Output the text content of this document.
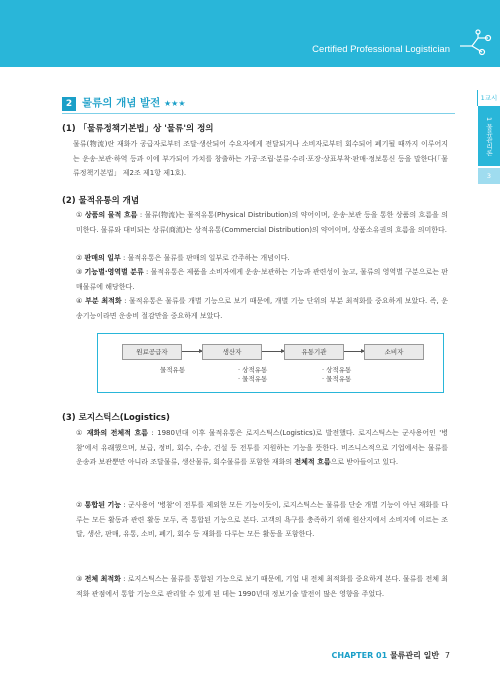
Certified Professional Logistician
1교시
1 물류관리론
3
2 물류의 개념 발전 ★★★
(1) 「물류정책기본법」상 '물류'의 정의
물류(物流)란 재화가 공급자로부터 조달·생산되어 수요자에게 전달되거나 소비자로부터 회수되어 폐기될 때까지 이루어지는 운송·보관·하역 등과 이에 부가되어 가치를 창출하는 가공·조립·분류·수리·포장·상표부착·판매·정보통신 등을 말한다(「물류정책기본법」 제2조 제1항 제1호).
(2) 물적유통의 개념
① 상품의 물적 흐름 : 물류(物流)는 물적유통(Physical Distribution)의 약어이며, 운송·보관 등을 통한 상품의 흐름을 의미한다. 물류와 대비되는 상류(商流)는 상적유통(Commercial Distribution)의 약어이며, 상품소유권의 흐름을 의미한다.
② 판매의 일부 : 물적유통은 물류를 판매의 일부로 간주하는 개념이다.
③ 기능별·영역별 분류 : 물적유통은 제품을 소비자에게 운송·보관하는 기능과 관련성이 높고, 물류의 영역별 구분으로는 판매물류에 해당한다.
④ 부분 최적화 : 물적유통은 물류를 개별 기능으로 보기 때문에, 개별 기능 단위의 부분 최적화를 중요하게 보았다. 즉, 운송기능이라면 운송비 절감만을 중요하게 보았다.
원료공급자	생산자	유통기관	소비자
물적유통	· 상적유통
· 물적유통
· 상적유통
· 물적유통
(3) 로지스틱스(Logistics)
① 재화의 전체적 흐름 : 1980년대 이후 물적유통은 로지스틱스(Logistics)로 발전했다. 로지스틱스는 군사용어인 '병참'에서 유래했으며, 보급, 정비, 회수, 수송, 건설 등 전투를 지원하는 기능을 뜻한다. 비즈니스적으로 기업에서는 물류를 운송과 보관뿐만 아니라 조달물류, 생산물류, 회수물류를 포함한 재화의 전체적 흐름으로 받아들이고 있다.
② 통합된 기능 : 군사용어 '병참'이 전투를 제외한 모든 기능이듯이, 로지스틱스는 물류를 단순 개별 기능이 아닌 재화를 다루는 모든 활동과 관련 활동 모두, 즉 통합된 기능으로 본다. 고객의 욕구를 충족하기 위해 원산지에서 소비지에 이르는 조달, 생산, 판매, 유통, 소비, 폐기, 회수 등 재화를 다루는 모든 활동을 포함한다.
③ 전체 최적화 : 로지스틱스는 물류를 통합된 기능으로 보기 때문에, 기업 내 전체 최적화를 중요하게 본다. 물류를 전체 최적화 관점에서 통합 기능으로 관리할 수 있게 된 데는 1990년대 정보기술 발전이 많은 영향을 주었다.
CHAPTER 01 물류관리 일반 7
